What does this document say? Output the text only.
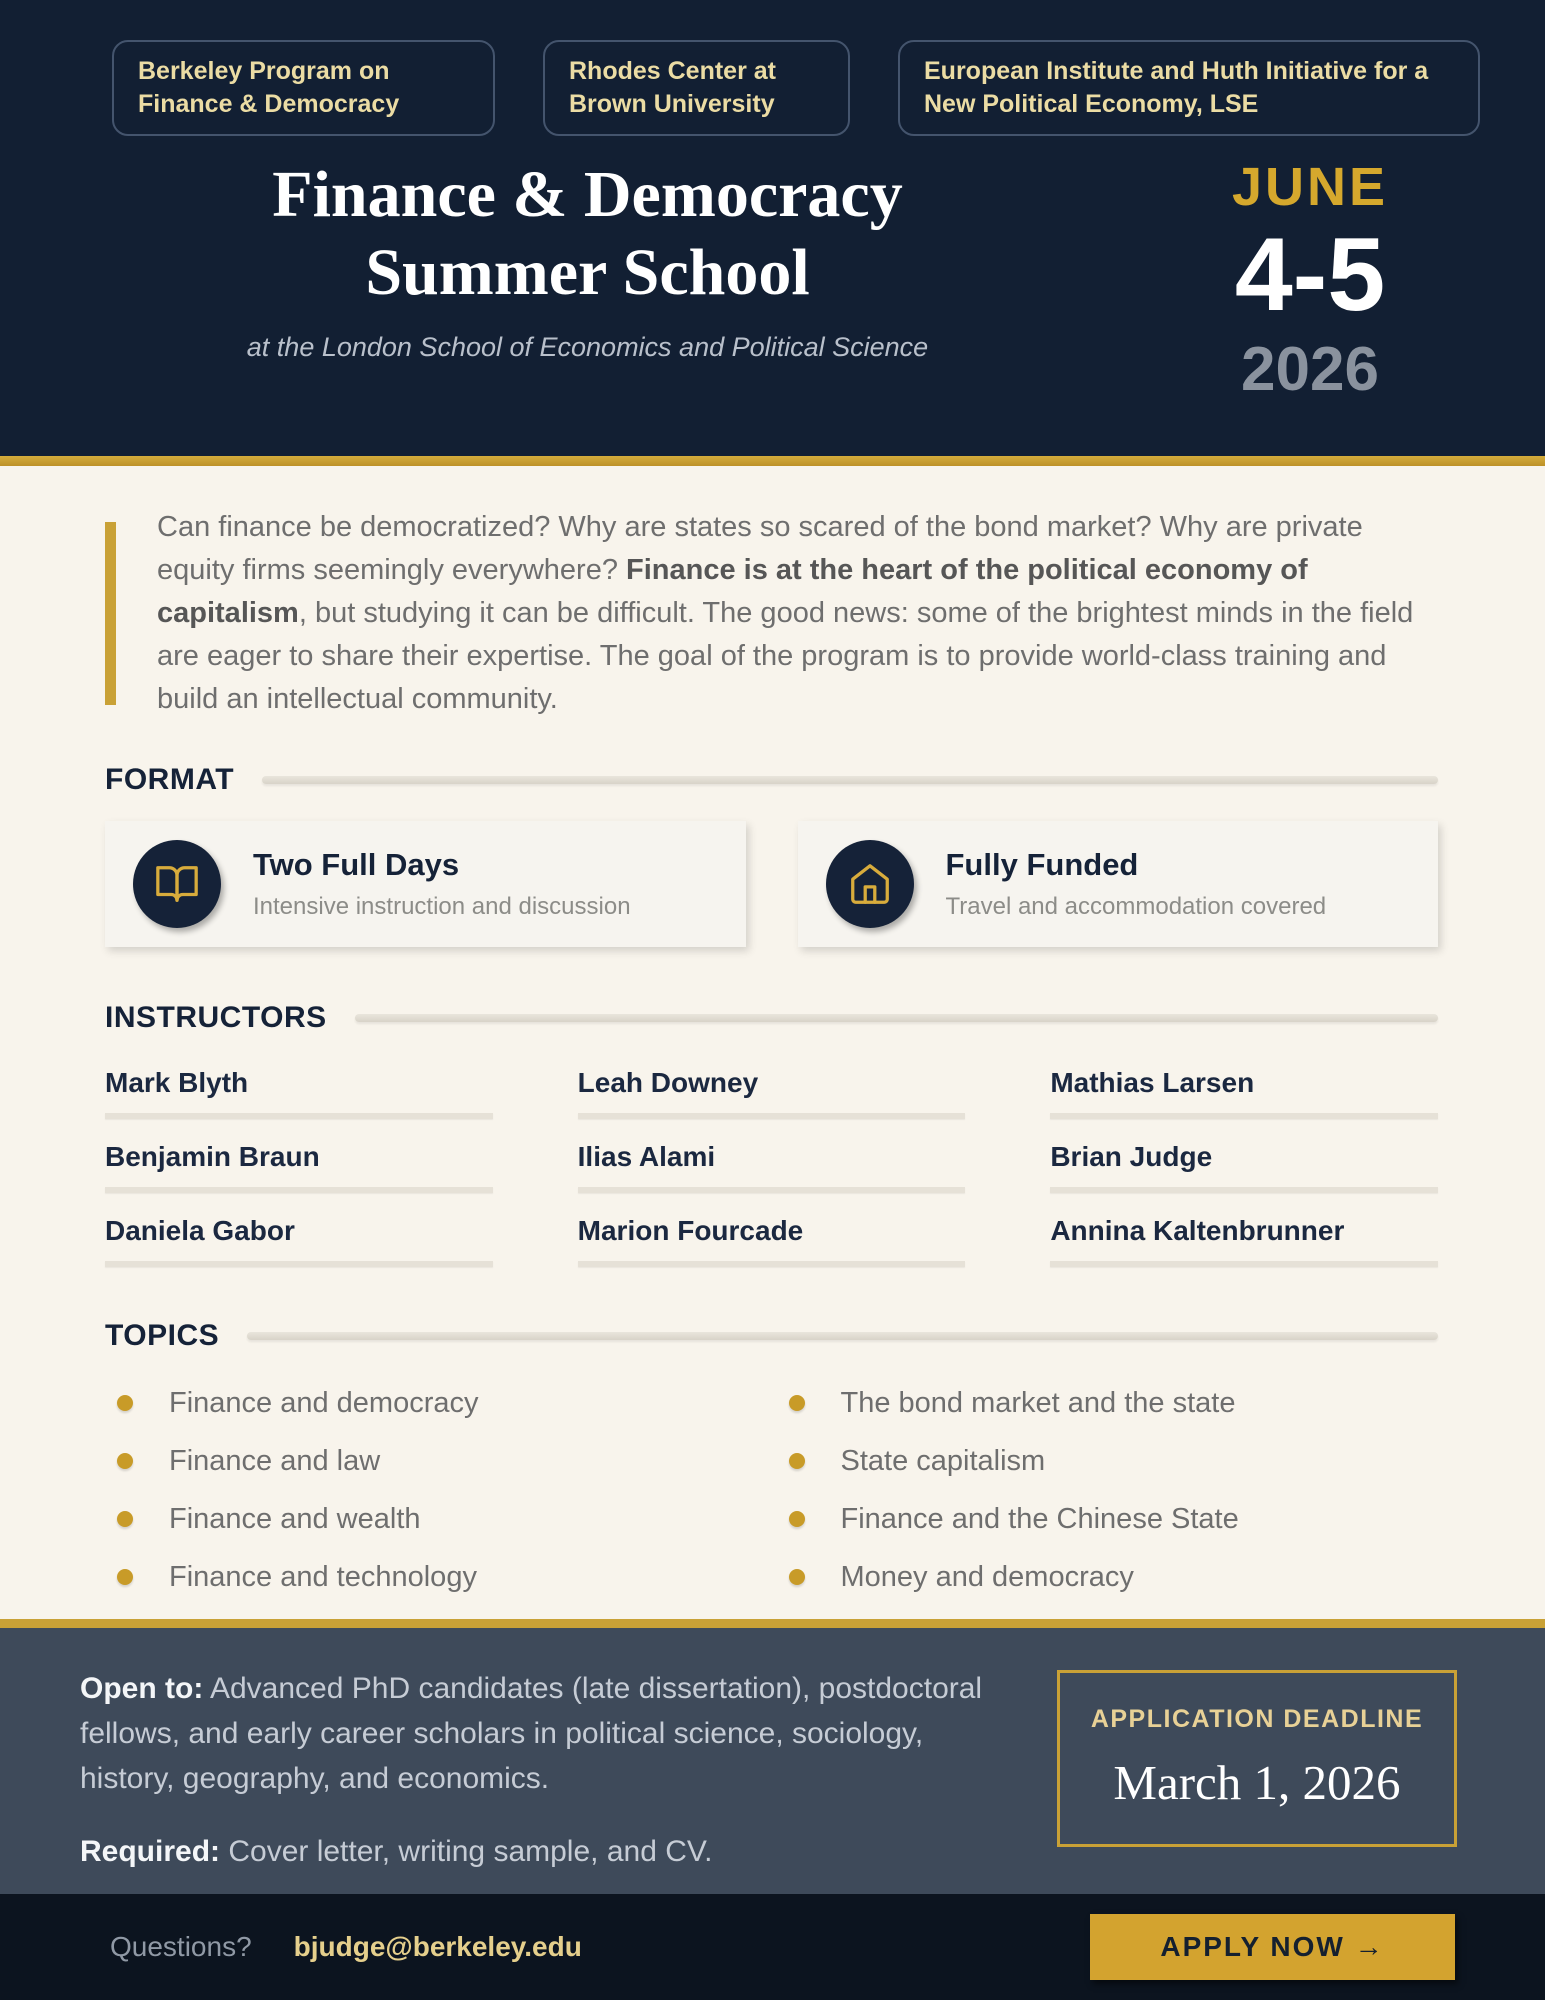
Berkeley Program on Finance & Democracy
Rhodes Center at Brown University
European Institute and Huth Initiative for a New Political Economy, LSE
Finance & Democracy
Summer School
at the London School of Economics and Political Science
JUNE
4-5
2026

Can finance be democratized? Why are states so scared of the bond market? Why are private equity firms seemingly everywhere? Finance is at the heart of the political economy of capitalism, but studying it can be difficult. The good news: some of the brightest minds in the field are eager to share their expertise. The goal of the program is to provide world-class training and build an intellectual community.

FORMAT
Two Full Days
Intensive instruction and discussion
Fully Funded
Travel and accommodation covered
INSTRUCTORS
Mark Blyth	Leah Downey	Mathias Larsen
Benjamin Braun	Ilias Alami	Brian Judge
Daniela Gabor	Marion Fourcade	Annina Kaltenbrunner
TOPICS
Finance and democracy
Finance and law
Finance and wealth
Finance and technology
The bond market and the state
State capitalism
Finance and the Chinese State
Money and democracy

Open to: Advanced PhD candidates (late dissertation), postdoctoral fellows, and early career scholars in political science, sociology, history, geography, and economics.

Required: Cover letter, writing sample, and CV.

APPLICATION DEADLINE
March 1, 2026
Questions? bjudge@berkeley.edu	APPLY NOW →
